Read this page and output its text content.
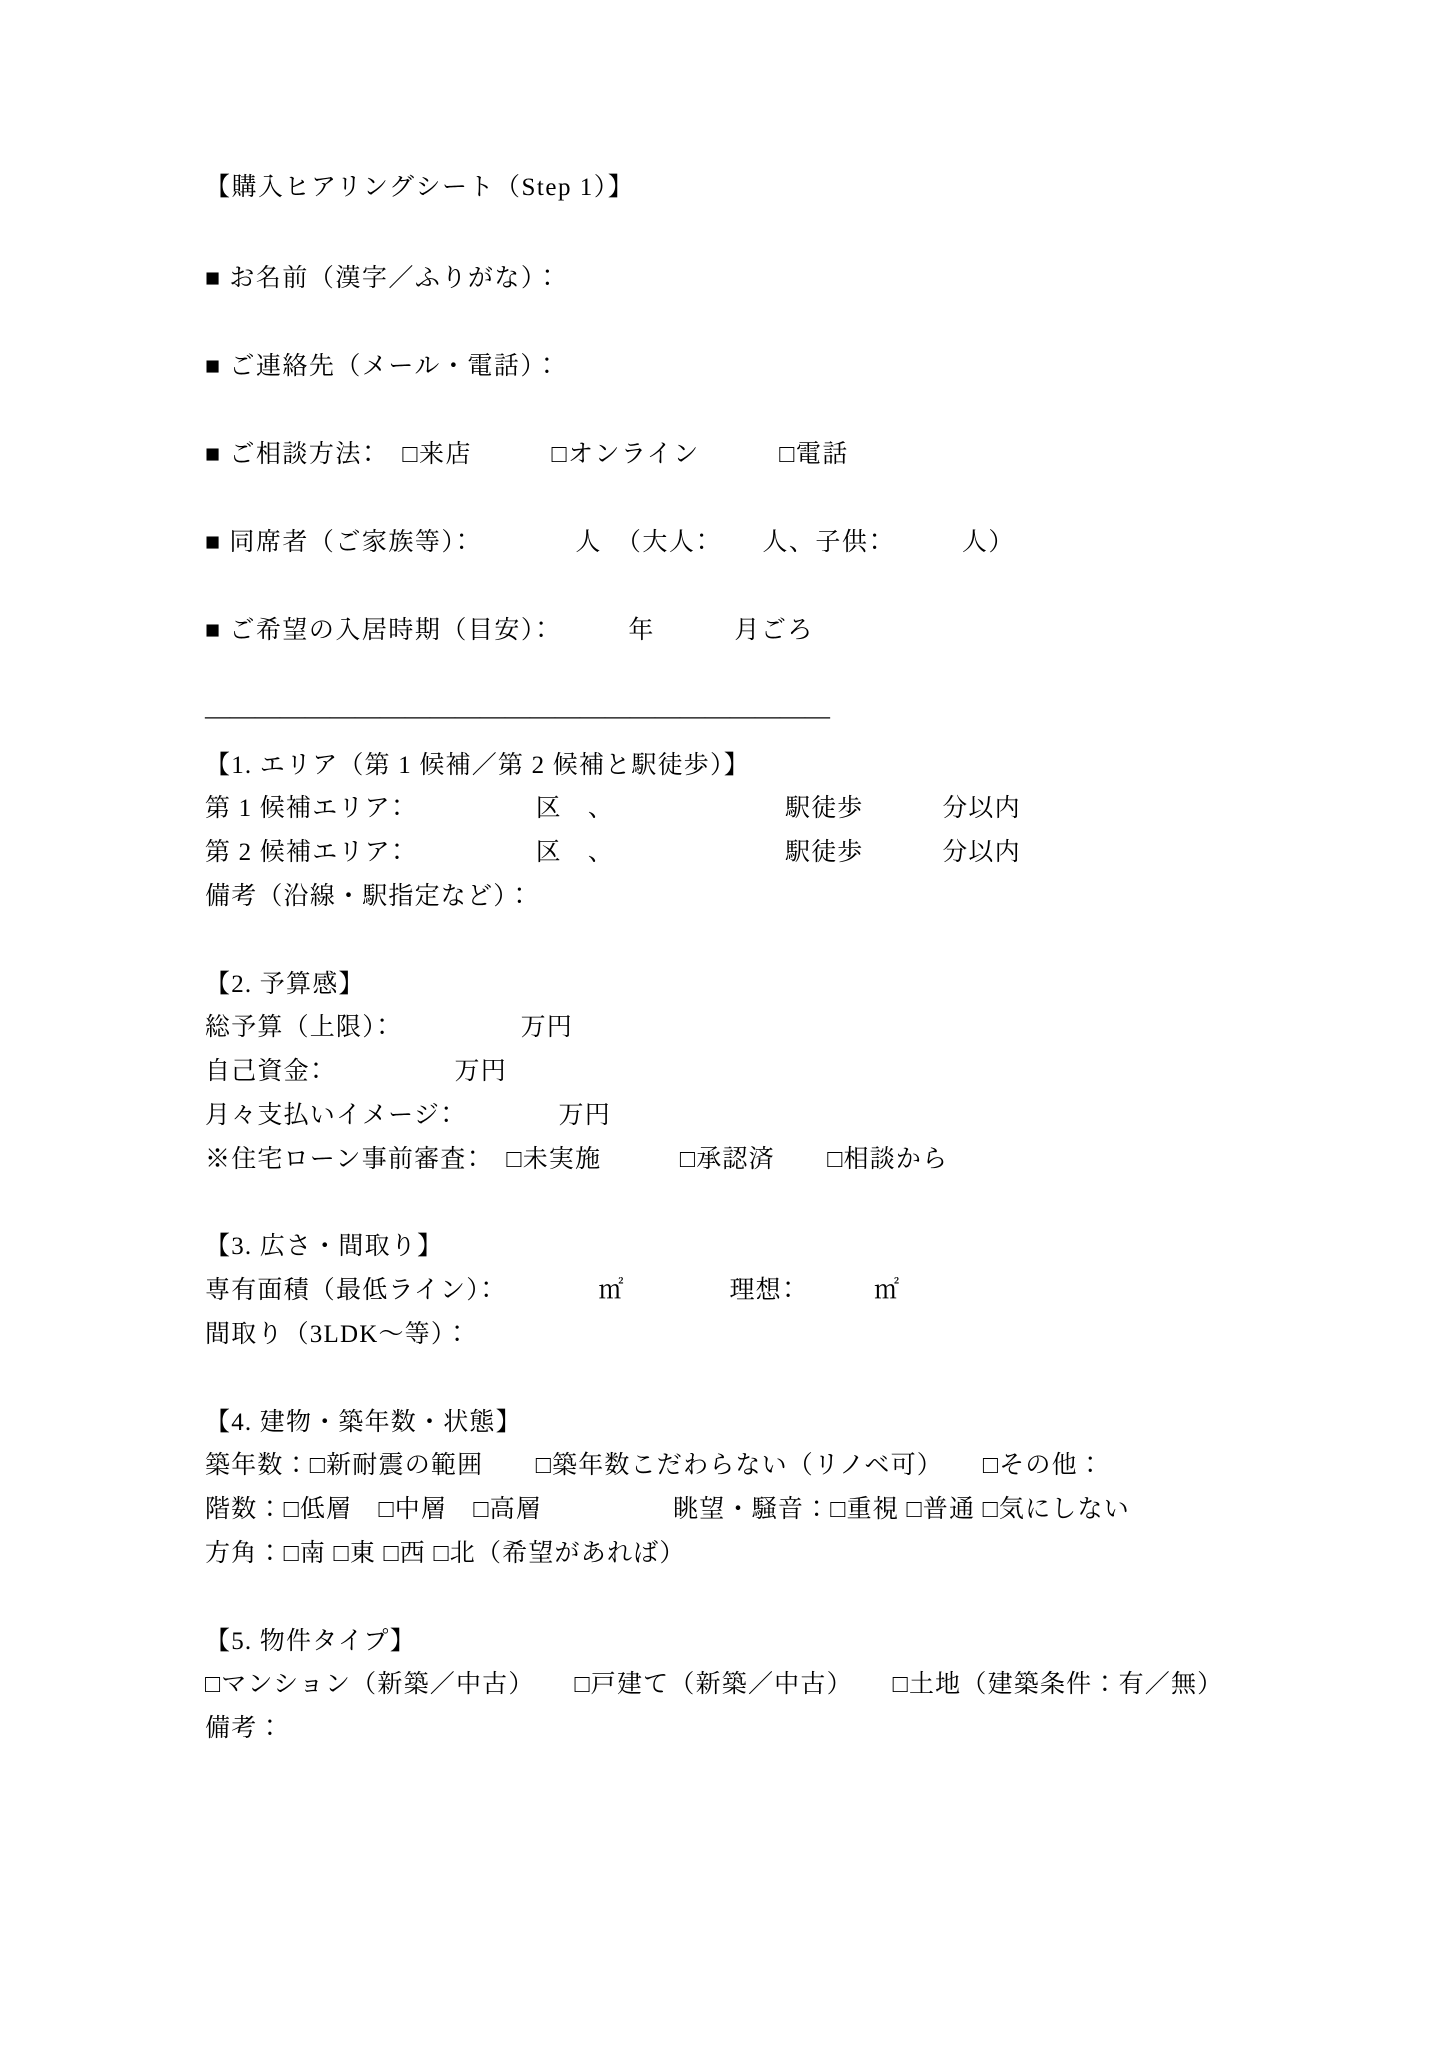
【購入ヒアリングシート（Step 1）】
■ お名前（漢字／ふりがな）：
■ ご連絡先（メール・電話）：
■ ご相談方法：　□来店　　　□オンライン　　　□電話
■ 同席者（ご家族等）：　　　　人　（大人：　　人、子供：　　　人）
■ ご希望の入居時期（目安）：　　　年　　　月ごろ
―――――――――――――――――――――――――
【1. エリア（第 1 候補／第 2 候補と駅徒歩）】
第 1 候補エリア：　　　　　区　、　　　　　　　駅徒歩　　　分以内
第 2 候補エリア：　　　　　区　、　　　　　　　駅徒歩　　　分以内
備考（沿線・駅指定など）：
【2. 予算感】
総予算（上限）：　　　　　万円
自己資金：　　　　　万円
月々支払いイメージ：　　　　万円
※住宅ローン事前審査：　□未実施　　　□承認済　　□相談から
【3. 広さ・間取り】
専有面積（最低ライン）：　　　　㎡　　　　理想：　　　㎡
間取り（3LDK〜等）：
【4. 建物・築年数・状態】
築年数：□新耐震の範囲　　□築年数こだわらない（リノベ可）　　□その他：
階数：□低層　□中層　□高層　　　　　眺望・騒音：□重視 □普通 □気にしない
方角：□南 □東 □西 □北（希望があれば）
【5. 物件タイプ】
□マンション（新築／中古）　　□戸建て（新築／中古）　　□土地（建築条件：有／無）
備考：
